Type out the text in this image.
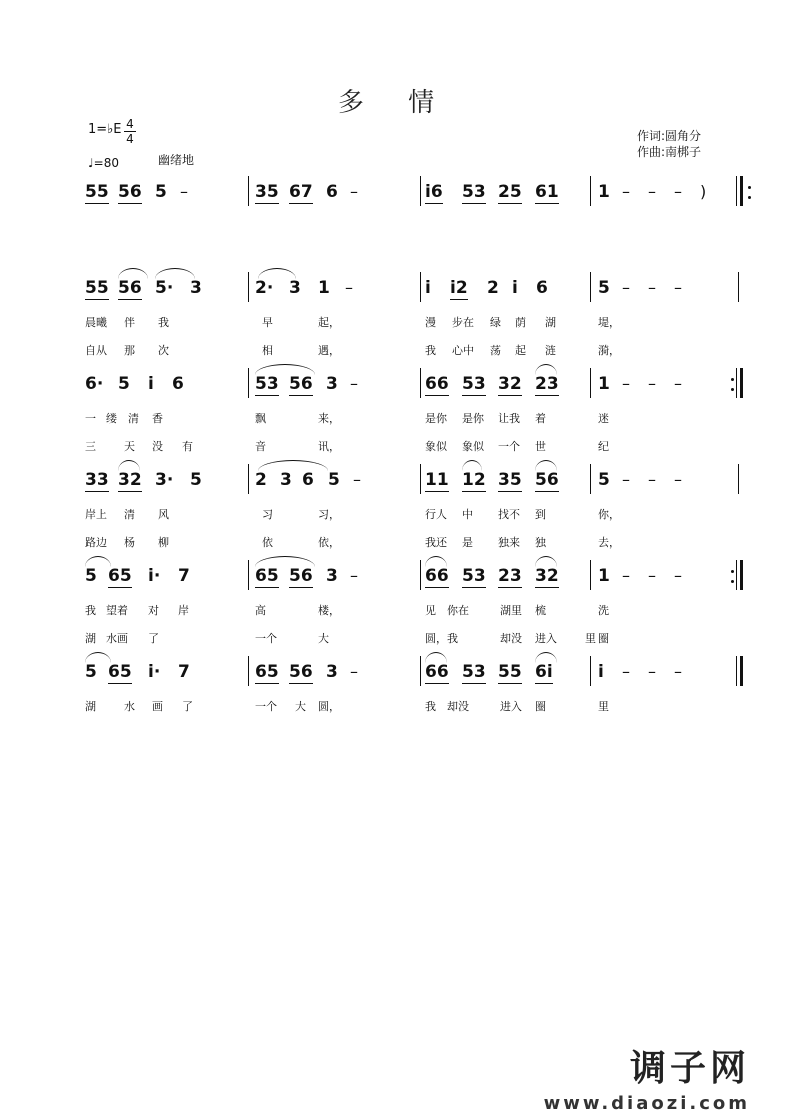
多 情
1=♭E 4
4
♩=80	幽绪地
作词:圆角分
作曲:南梆子
55 56 5 –	35 67 6 –	i6 53 25 61 1 – – – )
55 56 5· 3	2· 3 1 –	i i2 2 i 6	5 – – –
晨曦 伴 我	早	起，	漫 步在 绿 荫 湖	堤，
自从 那 次	相	遇，	我 心中 荡 起 涟	漪，
6· 5 i 6	53 56 3 –	66 53 32 23 1 – – –
一 缕 清 香	飘	来，	是你 是你 让我 着	迷
三	天 没 有	音	讯，	象似 象似 一个 世	纪
33 32 3· 5	2 3 6 5 –	11 12 35 56 5 – – –
岸上 清 风	习	习，	行人 中 找不 到	你，
路边 杨 柳	依	依，	我还 是 独来 独	去，
5 65 i· 7	65 56 3 –	66 53 23 32 1 – – –
我 望着 对 岸	高	楼，	见 你在	湖里 梳	洗
湖 水画 了	一个	大	圆， 我	却没 进入	圈
里
5 65 i· 7	65 56 3 –	66 53 55 6i	i – – –
湖	水 画 了	一个 大 圆，	我 却没	进入 圈	里
调子网
www.diaozi.com
